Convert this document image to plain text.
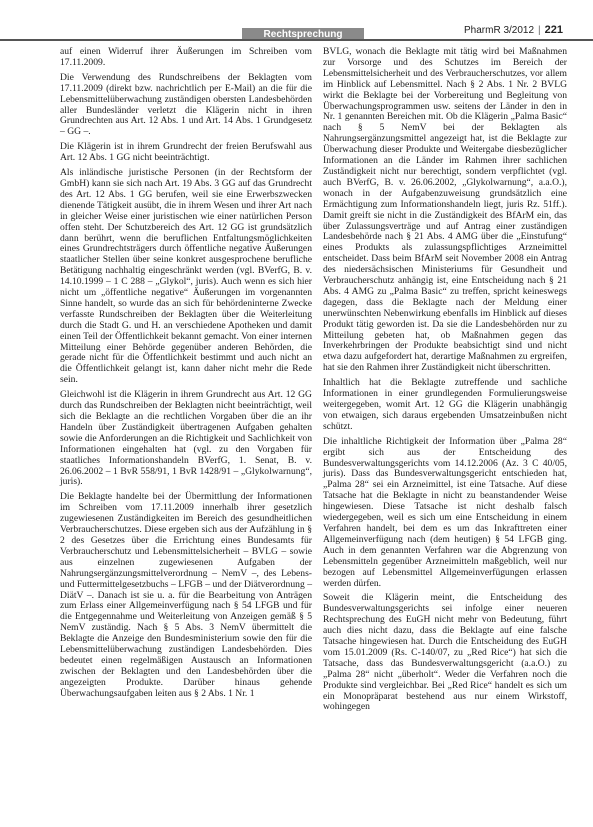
Rechtsprechung	PharmR 3/2012 | 221

auf einen Widerruf ihrer Äußerungen im Schreiben vom 17.11.2009.

Die Verwendung des Rundschreibens der Beklagten vom 17.11.2009 (direkt bzw. nachrichtlich per E-Mail) an die für die Lebensmittelüberwachung zuständigen obersten Landesbehörden aller Bundesländer verletzt die Klägerin nicht in ihren Grundrechten aus Art. 12 Abs. 1 und Art. 14 Abs. 1 Grundgesetz – GG –.

Die Klägerin ist in ihrem Grundrecht der freien Berufswahl aus Art. 12 Abs. 1 GG nicht beeinträchtigt.

Als inländische juristische Personen (in der Rechtsform der GmbH) kann sie sich nach Art. 19 Abs. 3 GG auf das Grundrecht des Art. 12 Abs. 1 GG berufen, weil sie eine Erwerbszwecken dienende Tätigkeit ausübt, die in ihrem Wesen und ihrer Art nach in gleicher Weise einer juristischen wie einer natürlichen Person offen steht. Der Schutzbereich des Art. 12 GG ist grundsätzlich dann berührt, wenn die beruflichen Entfaltungsmöglichkeiten eines Grundrechtsträgers durch öffentliche negative Äußerungen staatlicher Stellen über seine konkret ausgesprochene berufliche Betätigung nachhaltig eingeschränkt werden (vgl. BVerfG, B. v. 14.10.1999 – 1 C 288 – „Glykol“, juris). Auch wenn es sich hier nicht um „öffentliche negative“ Äußerungen im vorgenannten Sinne handelt, so wurde das an sich für behördeninterne Zwecke verfasste Rundschreiben der Beklagten über die Weiterleitung durch die Stadt G. und H. an verschiedene Apotheken und damit einen Teil der Öffentlichkeit bekannt gemacht. Von einer internen Mitteilung einer Behörde gegenüber anderen Behörden, die gerade nicht für die Öffentlichkeit bestimmt und auch nicht an die Öffentlichkeit gelangt ist, kann daher nicht mehr die Rede sein.

Gleichwohl ist die Klägerin in ihrem Grundrecht aus Art. 12 GG durch das Rundschreiben der Beklagten nicht beeinträchtigt, weil sich die Beklagte an die rechtlichen Vorgaben über die an ihr Handeln über Zuständigkeit übertragenen Aufgaben gehalten sowie die Anforderungen an die Richtigkeit und Sachlichkeit von Informationen eingehalten hat (vgl. zu den Vorgaben für staatliches Informationshandeln BVerfG, 1. Senat, B. v. 26.06.2002 – 1 BvR 558/91, 1 BvR 1428/91 – „Glykolwarnung“, juris).

Die Beklagte handelte bei der Übermittlung der Informationen im Schreiben vom 17.11.2009 innerhalb ihrer gesetzlich zugewiesenen Zuständigkeiten im Bereich des gesundheitlichen Verbraucherschutzes. Diese ergeben sich aus der Aufzählung in § 2 des Gesetzes über die Errichtung eines Bundesamts für Verbraucherschutz und Lebensmittelsicherheit – BVLG – sowie aus einzelnen zugewiesenen Aufgaben der Nahrungsergänzungsmittelverordnung – NemV –, des Lebens- und Futtermittelgesetzbuchs – LFGB – und der Diätverordnung – DiätV –. Danach ist sie u. a. für die Bearbeitung von Anträgen zum Erlass einer Allgemeinverfügung nach § 54 LFGB und für die Entgegennahme und Weiterleitung von Anzeigen gemäß § 5 NemV zuständig. Nach § 5 Abs. 3 NemV übermittelt die Beklagte die Anzeige den Bundesministerium sowie den für die Lebensmittelüberwachung zuständigen Landesbehörden. Dies bedeutet einen regelmäßigen Austausch an Informationen zwischen der Beklagten und den Landesbehörden über die angezeigten Produkte. Darüber hinaus gehende Überwachungsaufgaben leiten aus § 2 Abs. 1 Nr. 1

BVLG, wonach die Beklagte mit tätig wird bei Maßnahmen zur Vorsorge und des Schutzes im Bereich der Lebensmittelsicherheit und des Verbraucherschutzes, vor allem im Hinblick auf Lebensmittel. Nach § 2 Abs. 1 Nr. 2 BVLG wirkt die Beklagte bei der Vorbereitung und Begleitung von Überwachungsprogrammen usw. seitens der Länder in den in Nr. 1 genannten Bereichen mit. Ob die Klägerin „Palma Basic“ nach § 5 NemV bei der Beklagten als Nahrungsergänzungsmittel angezeigt hat, ist die Beklagte zur Überwachung dieser Produkte und Weitergabe diesbezüglicher Informationen an die Länder im Rahmen ihrer sachlichen Zuständigkeit nicht nur berechtigt, sondern verpflichtet (vgl. auch BVerfG, B. v. 26.06.2002, „Glykolwarnung“, a.a.O.), wonach in der Aufgabenzuweisung grundsätzlich eine Ermächtigung zum Informationshandeln liegt, juris Rz. 51ff.). Damit greift sie nicht in die Zuständigkeit des BfArM ein, das über Zulassungsverträge und auf Antrag einer zuständigen Landesbehörde nach § 21 Abs. 4 AMG über die „Einstufung“ eines Produkts als zulassungspflichtiges Arzneimittel entscheidet. Dass beim BfArM seit November 2008 ein Antrag des niedersächsischen Ministeriums für Gesundheit und Verbraucherschutz anhängig ist, eine Entscheidung nach § 21 Abs. 4 AMG zu „Palma Basic“ zu treffen, spricht keineswegs dagegen, dass die Beklagte nach der Meldung einer unerwünschten Nebenwirkung ebenfalls im Hinblick auf dieses Produkt tätig geworden ist. Da sie die Landesbehörden nur zu Mitteilung gebeten hat, ob Maßnahmen gegen das Inverkehrbringen der Produkte beabsichtigt sind und nicht etwa dazu aufgefordert hat, derartige Maßnahmen zu ergreifen, hat sie den Rahmen ihrer Zuständigkeit nicht überschritten.

Inhaltlich hat die Beklagte zutreffende und sachliche Informationen in einer grundlegenden Formulierungsweise weitergegeben, womit Art. 12 GG die Klägerin unabhängig von etwaigen, sich daraus ergebenden Umsatzeinbußen nicht schützt.

Die inhaltliche Richtigkeit der Information über „Palma 28“ ergibt sich aus der Entscheidung des Bundesverwaltungsgerichts vom 14.12.2006 (Az. 3 C 40/05, juris). Dass das Bundesverwaltungsgericht entschieden hat, „Palma 28“ sei ein Arzneimittel, ist eine Tatsache. Auf diese Tatsache hat die Beklagte in nicht zu beanstandender Weise hingewiesen. Diese Tatsache ist nicht deshalb falsch wiedergegeben, weil es sich um eine Entscheidung in einem Verfahren handelt, bei dem es um das Inkrafttreten einer Allgemeinverfügung nach (dem heutigen) § 54 LFGB ging. Auch in dem genannten Verfahren war die Abgrenzung von Lebensmitteln gegenüber Arzneimitteln maßgeblich, weil nur bezogen auf Lebensmittel Allgemeinverfügungen erlassen werden dürfen.

Soweit die Klägerin meint, die Entscheidung des Bundesverwaltungsgerichts sei infolge einer neueren Rechtsprechung des EuGH nicht mehr von Bedeutung, führt auch dies nicht dazu, dass die Beklagte auf eine falsche Tatsache hingewiesen hat. Durch die Entscheidung des EuGH vom 15.01.2009 (Rs. C-140/07, zu „Red Rice“) hat sich die Tatsache, dass das Bundesverwaltungsgericht (a.a.O.) zu „Palma 28“ nicht „überholt“. Weder die Verfahren noch die Produkte sind vergleichbar. Bei „Red Rice“ handelt es sich um ein Monopräparat bestehend aus nur einem Wirkstoff, wohingegen
